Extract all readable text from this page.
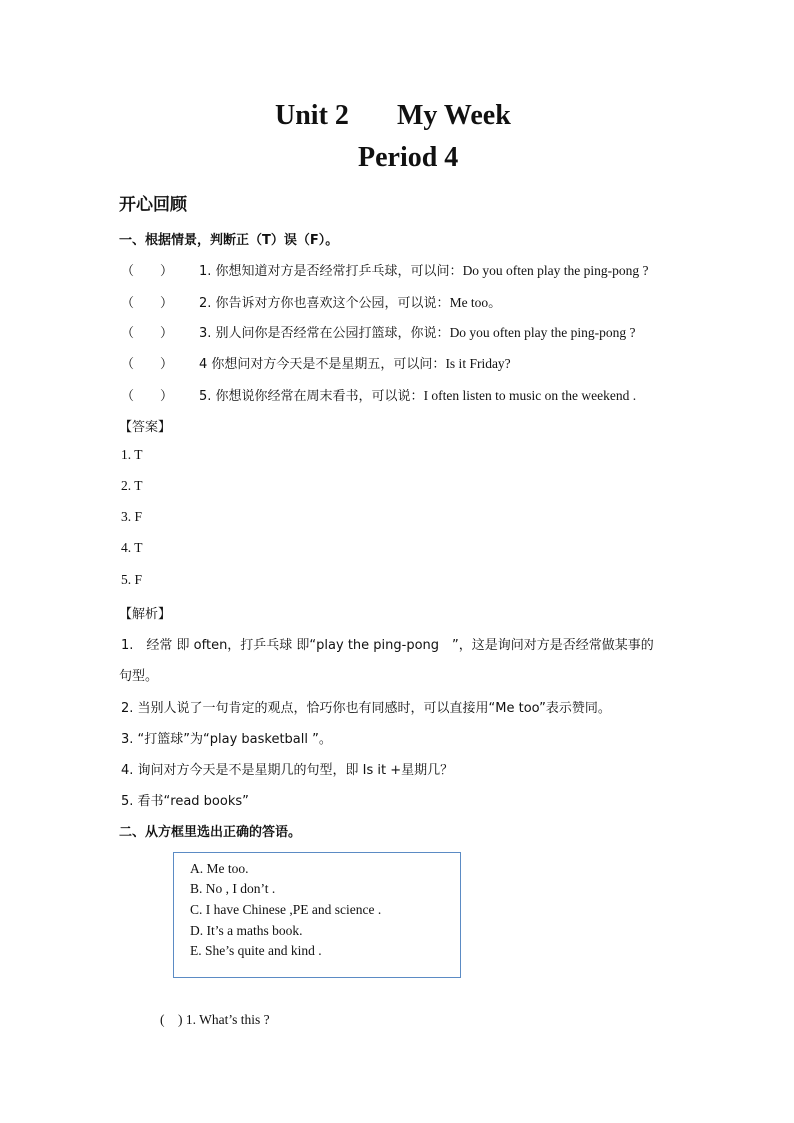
Unit 2 My Week
Period 4
开心回顾
一、根据情景，判断正（T）误（F）。
（　　） 1. 你想知道对方是否经常打乒乓球，可以问：Do you often play the ping-pong ?
（　　） 2. 你告诉对方你也喜欢这个公园，可以说：Me too。
（　　） 3. 别人问你是否经常在公园打篮球，你说：Do you often play the ping-pong ?
（　　） 4 你想问对方今天是不是星期五，可以问：Is it Friday?
（　　） 5. 你想说你经常在周末看书，可以说：I often listen to music on the weekend .
【答案】
1. T
2. T
3. F
4. T
5. F
【解析】
1.　经常 即 often，打乒乓球 即“play the ping-pong　”，这是询问对方是否经常做某事的
句型。
2. 当别人说了一句肯定的观点，恰巧你也有同感时，可以直接用“Me too”表示赞同。
3. “打篮球”为“play basketball ”。
4. 询问对方今天是不是星期几的句型，即 Is it +星期几？
5. 看书“read books”
二、从方框里选出正确的答语。
A. Me too.
B. No , I don’t .
C. I have Chinese ,PE and science .
D. It’s a maths book.
E. She’s quite and kind .
(　) 1. What’s this ?
